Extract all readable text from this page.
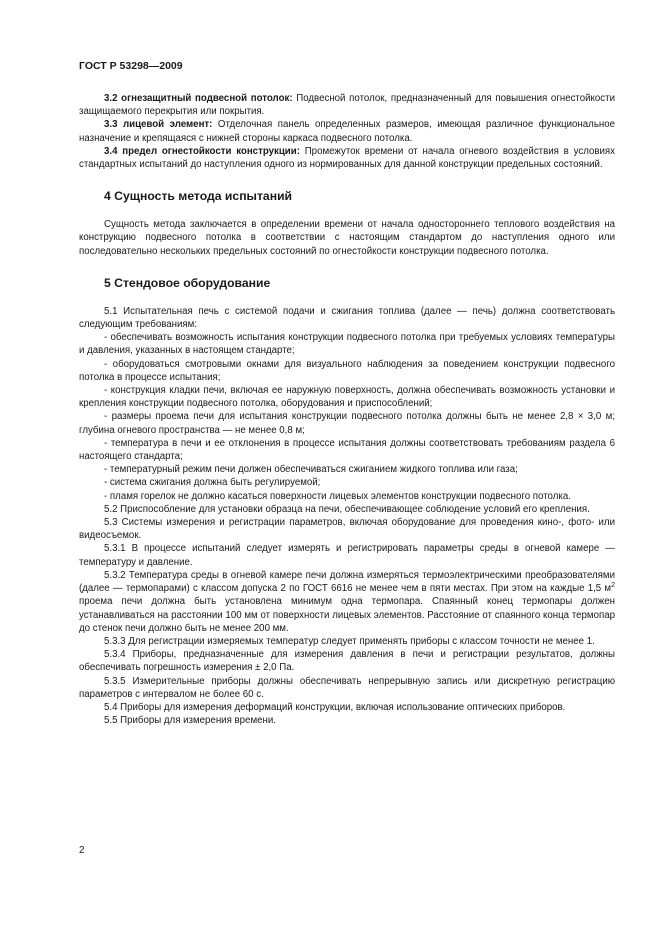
ГОСТ Р 53298—2009

3.2 огнезащитный подвесной потолок: Подвесной потолок, предназначенный для повышения огнестойкости защищаемого перекрытия или покрытия.

3.3 лицевой элемент: Отделочная панель определенных размеров, имеющая различное функциональное назначение и крепящаяся с нижней стороны каркаса подвесного потолка.

3.4 предел огнестойкости конструкции: Промежуток времени от начала огневого воздействия в условиях стандартных испытаний до наступления одного из нормированных для данной конструкции предельных состояний.

4 Сущность метода испытаний

Сущность метода заключается в определении времени от начала одностороннего теплового воздействия на конструкцию подвесного потолка в соответствии с настоящим стандартом до наступления одного или последовательно нескольких предельных состояний по огнестойкости конструкции подвесного потолка.

5 Стендовое оборудование

5.1 Испытательная печь с системой подачи и сжигания топлива (далее — печь) должна соответствовать следующим требованиям:

- обеспечивать возможность испытания конструкции подвесного потолка при требуемых условиях температуры и давления, указанных в настоящем стандарте;

- оборудоваться смотровыми окнами для визуального наблюдения за поведением конструкции подвесного потолка в процессе испытания;

- конструкция кладки печи, включая ее наружную поверхность, должна обеспечивать возможность установки и крепления конструкции подвесного потолка, оборудования и приспособлений;

- размеры проема печи для испытания конструкции подвесного потолка должны быть не менее 2,8 × 3,0 м; глубина огневого пространства — не менее 0,8 м;

- температура в печи и ее отклонения в процессе испытания должны соответствовать требованиям раздела 6 настоящего стандарта;

- температурный режим печи должен обеспечиваться сжиганием жидкого топлива или газа;

- система сжигания должна быть регулируемой;

- пламя горелок не должно касаться поверхности лицевых элементов конструкции подвесного потолка.

5.2 Приспособление для установки образца на печи, обеспечивающее соблюдение условий его крепления.

5.3 Системы измерения и регистрации параметров, включая оборудование для проведения кино-, фото- или видеосъемок.

5.3.1 В процессе испытаний следует измерять и регистрировать параметры среды в огневой камере — температуру и давление.

5.3.2 Температура среды в огневой камере печи должна измеряться термоэлектрическими преобразователями (далее — термопарами) с классом допуска 2 по ГОСТ 6616 не менее чем в пяти местах. При этом на каждые 1,5 $м^2$ проема печи должна быть установлена минимум одна термопара. Спаянный конец термопары должен устанавливаться на расстоянии 100 мм от поверхности лицевых элементов. Расстояние от спаянного конца термопар до стенок печи должно быть не менее 200 мм.

5.3.3 Для регистрации измеряемых температур следует применять приборы с классом точности не менее 1.

5.3.4 Приборы, предназначенные для измерения давления в печи и регистрации результатов, должны обеспечивать погрешность измерения ± 2,0 Па.

5.3.5 Измерительные приборы должны обеспечивать непрерывную запись или дискретную регистрацию параметров с интервалом не более 60 с.

5.4 Приборы для измерения деформаций конструкции, включая использование оптических приборов.

5.5 Приборы для измерения времени.

2
